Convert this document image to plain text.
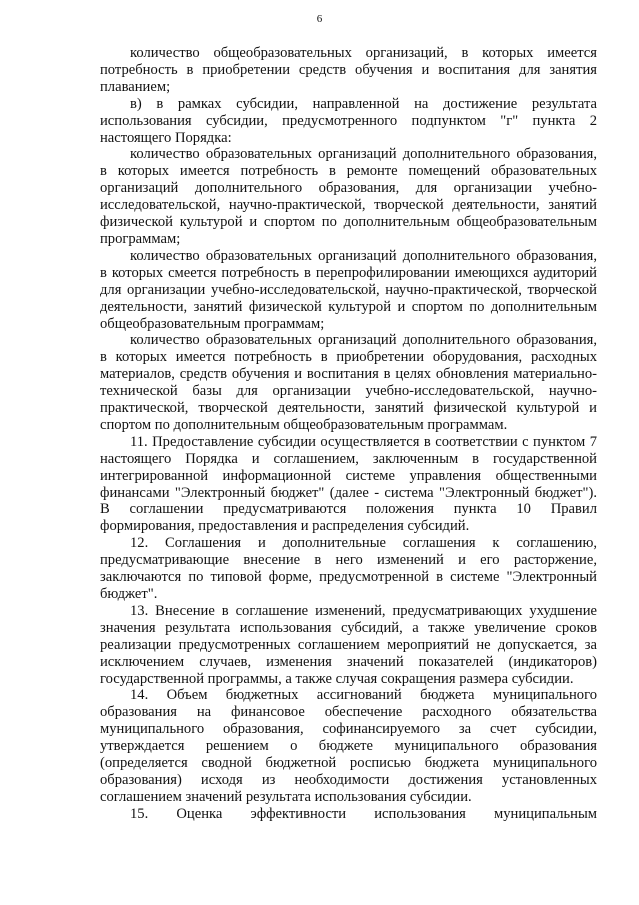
6

количество общеобразовательных организаций, в которых имеется потребность в приобретении средств обучения и воспитания для занятия плаванием;

в) в рамках субсидии, направленной на достижение результата использования субсидии, предусмотренного подпунктом "г" пункта 2 настоящего Порядка:

количество образовательных организаций дополнительного образования, в которых имеется потребность в ремонте помещений образовательных организаций дополнительного образования, для организации учебно-исследовательской, научно-практической, творческой деятельности, занятий физической культурой и спортом по дополнительным общеобразовательным программам;

количество образовательных организаций дополнительного образования, в которых смеется потребность в перепрофилировании имеющихся аудиторий для организации учебно-исследовательской, научно-практической, творческой деятельности, занятий физической культурой и спортом по дополнительным общеобразовательным программам;

количество образовательных организаций дополнительного образования, в которых имеется потребность в приобретении оборудования, расходных материалов, средств обучения и воспитания в целях обновления материально-технической базы для организации учебно-исследовательской, научно-практической, творческой деятельности, занятий физической культурой и спортом по дополнительным общеобразовательным программам.

11. Предоставление субсидии осуществляется в соответствии с пунктом 7 настоящего Порядка и соглашением, заключенным в государственной интегрированной информационной системе управления общественными финансами "Электронный бюджет" (далее - система "Электронный бюджет"). В соглашении предусматриваются положения пункта 10 Правил формирования, предоставления и распределения субсидий.

12. Соглашения и дополнительные соглашения к соглашению, предусматривающие внесение в него изменений и его расторжение, заключаются по типовой форме, предусмотренной в системе "Электронный бюджет".

13. Внесение в соглашение изменений, предусматривающих ухудшение значения результата использования субсидий, а также увеличение сроков реализации предусмотренных соглашением мероприятий не допускается, за исключением случаев, изменения значений показателей (индикаторов) государственной программы, а также случая сокращения размера субсидии.

14. Объем бюджетных ассигнований бюджета муниципального образования на финансовое обеспечение расходного обязательства муниципального образования, софинансируемого за счет субсидии, утверждается решением о бюджете муниципального образования (определяется сводной бюджетной росписью бюджета муниципального образования) исходя из необходимости достижения установленных соглашением значений результата использования субсидии.

15. Оценка эффективности использования муниципальным
